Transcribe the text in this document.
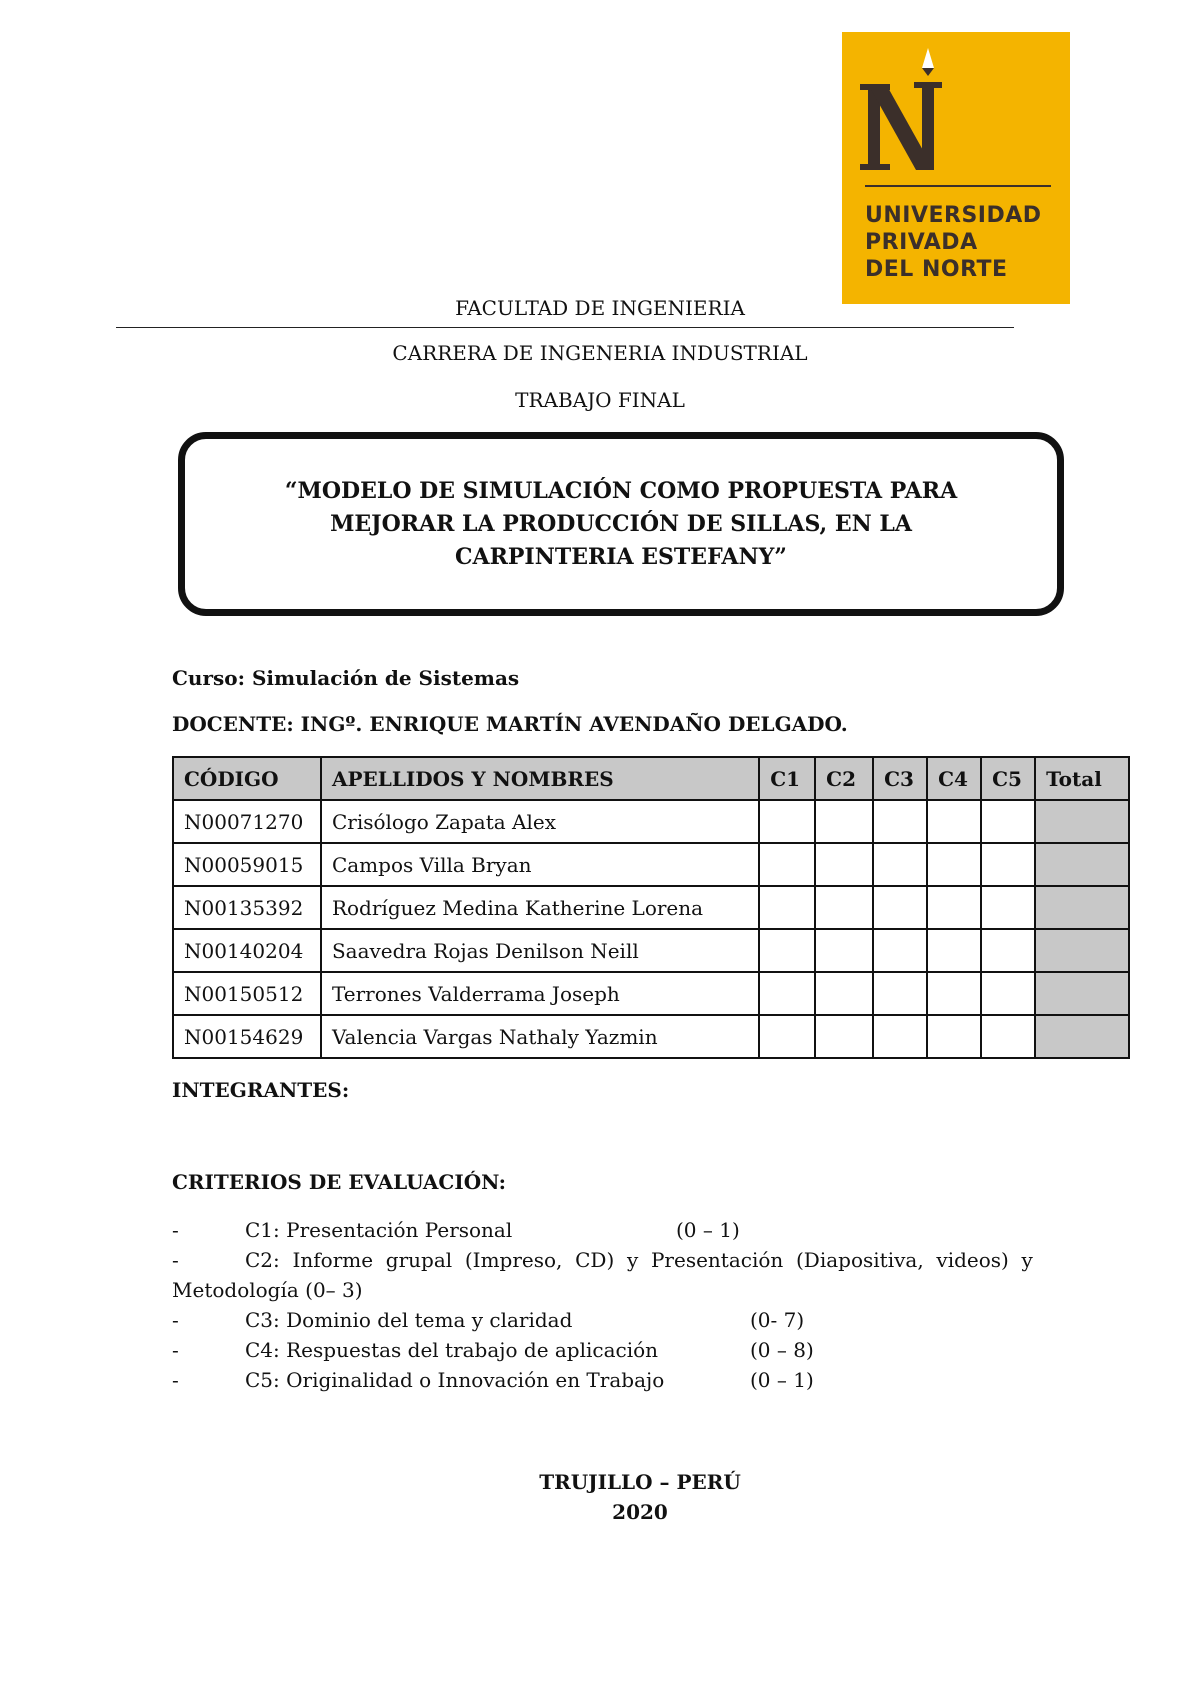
UNIVERSIDAD
PRIVADA
DEL NORTE
FACULTAD DE INGENIERIA
CARRERA DE INGENERIA INDUSTRIAL
TRABAJO FINAL
“MODELO DE SIMULACIÓN COMO PROPUESTA PARA
MEJORAR LA PRODUCCIÓN DE SILLAS, EN LA
CARPINTERIA ESTEFANY”
Curso: Simulación de Sistemas
DOCENTE: INGº. ENRIQUE MARTÍN AVENDAÑO DELGADO.
CÓDIGO	APELLIDOS Y NOMBRES	C1	C2	C3	C4	C5	Total
N00071270	Crisólogo Zapata Alex						
N00059015	Campos Villa Bryan						
N00135392	Rodríguez Medina Katherine Lorena						
N00140204	Saavedra Rojas Denilson Neill						
N00150512	Terrones Valderrama Joseph						
N00154629	Valencia Vargas Nathaly Yazmin						
INTEGRANTES:
CRITERIOS DE EVALUACIÓN:
-	C1: Presentación Personal	(0 – 1)
-	C2:  Informe  grupal  (Impreso,  CD)  y  Presentación  (Diapositiva,  videos)  y
Metodología (0– 3)
-	C3: Dominio del tema y claridad	(0- 7)
-	C4: Respuestas del trabajo de aplicación	(0 – 8)
-	C5: Originalidad o Innovación en Trabajo	(0 – 1)
TRUJILLO – PERÚ
2020
